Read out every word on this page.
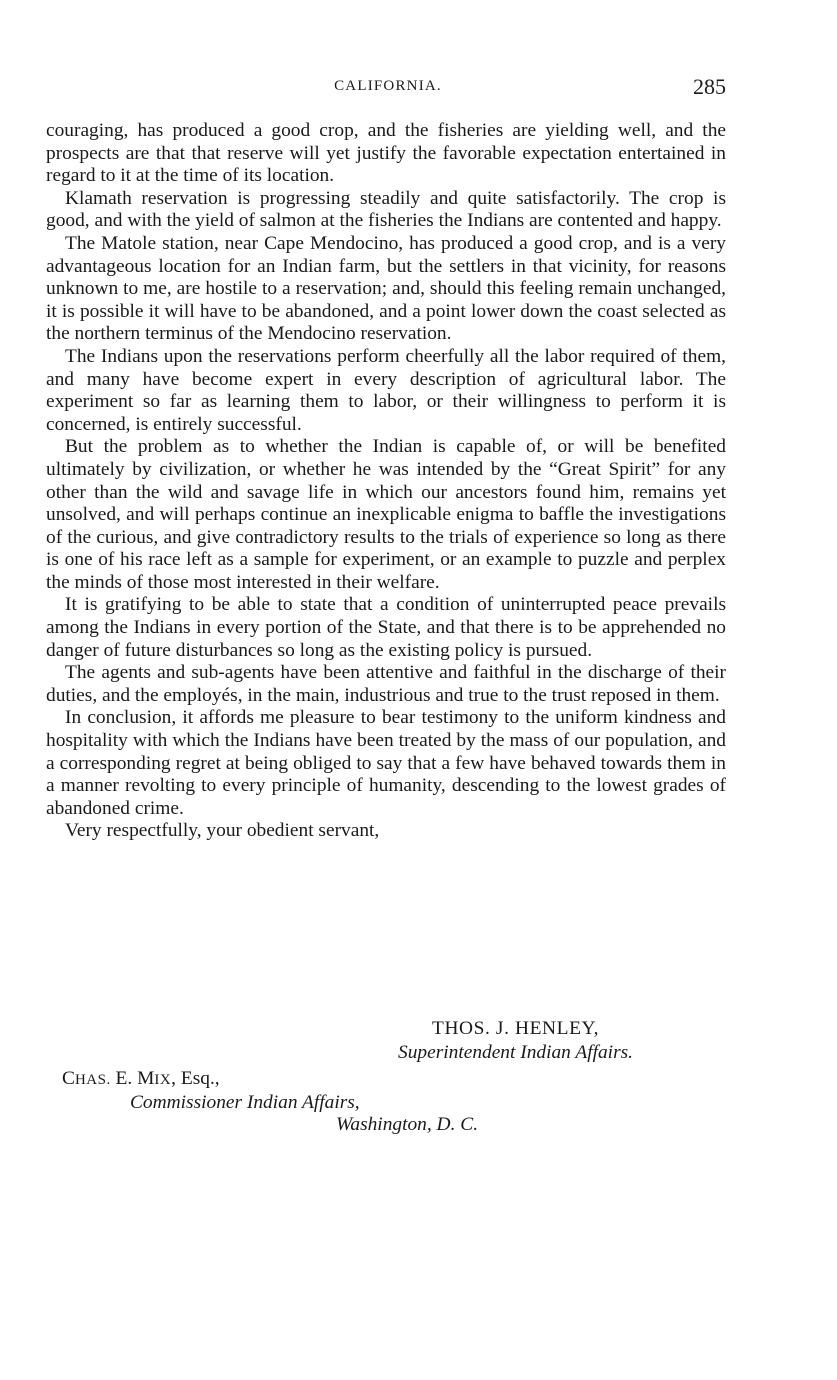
CALIFORNIA.	285

couraging, has produced a good crop, and the fisheries are yielding well, and the prospects are that that reserve will yet justify the favorable expectation entertained in regard to it at the time of its location.

Klamath reservation is progressing steadily and quite satisfactorily. The crop is good, and with the yield of salmon at the fisheries the Indians are contented and happy.

The Matole station, near Cape Mendocino, has produced a good crop, and is a very advantageous location for an Indian farm, but the settlers in that vicinity, for reasons unknown to me, are hostile to a reservation; and, should this feeling remain unchanged, it is possible it will have to be abandoned, and a point lower down the coast selected as the northern terminus of the Mendocino reservation.

The Indians upon the reservations perform cheerfully all the labor required of them, and many have become expert in every description of agricultural labor. The experiment so far as learning them to labor, or their willingness to perform it is concerned, is entirely successful.

But the problem as to whether the Indian is capable of, or will be benefited ultimately by civilization, or whether he was intended by the “Great Spirit” for any other than the wild and savage life in which our ancestors found him, remains yet unsolved, and will perhaps continue an inexplicable enigma to baffle the investigations of the curious, and give contradictory results to the trials of experience so long as there is one of his race left as a sample for experiment, or an example to puzzle and perplex the minds of those most interested in their welfare.

It is gratifying to be able to state that a condition of uninterrupted peace prevails among the Indians in every portion of the State, and that there is to be apprehended no danger of future disturbances so long as the existing policy is pursued.

The agents and sub-agents have been attentive and faithful in the discharge of their duties, and the employés, in the main, industrious and true to the trust reposed in them.

In conclusion, it affords me pleasure to bear testimony to the uniform kindness and hospitality with which the Indians have been treated by the mass of our population, and a corresponding regret at being obliged to say that a few have behaved towards them in a manner revolting to every principle of humanity, descending to the lowest grades of abandoned crime.

Very respectfully, your obedient servant,

THOS. J. HENLEY,
Superintendent Indian Affairs.
CHAS. E. MIX, Esq.,
Commissioner Indian Affairs,
Washington, D. C.
